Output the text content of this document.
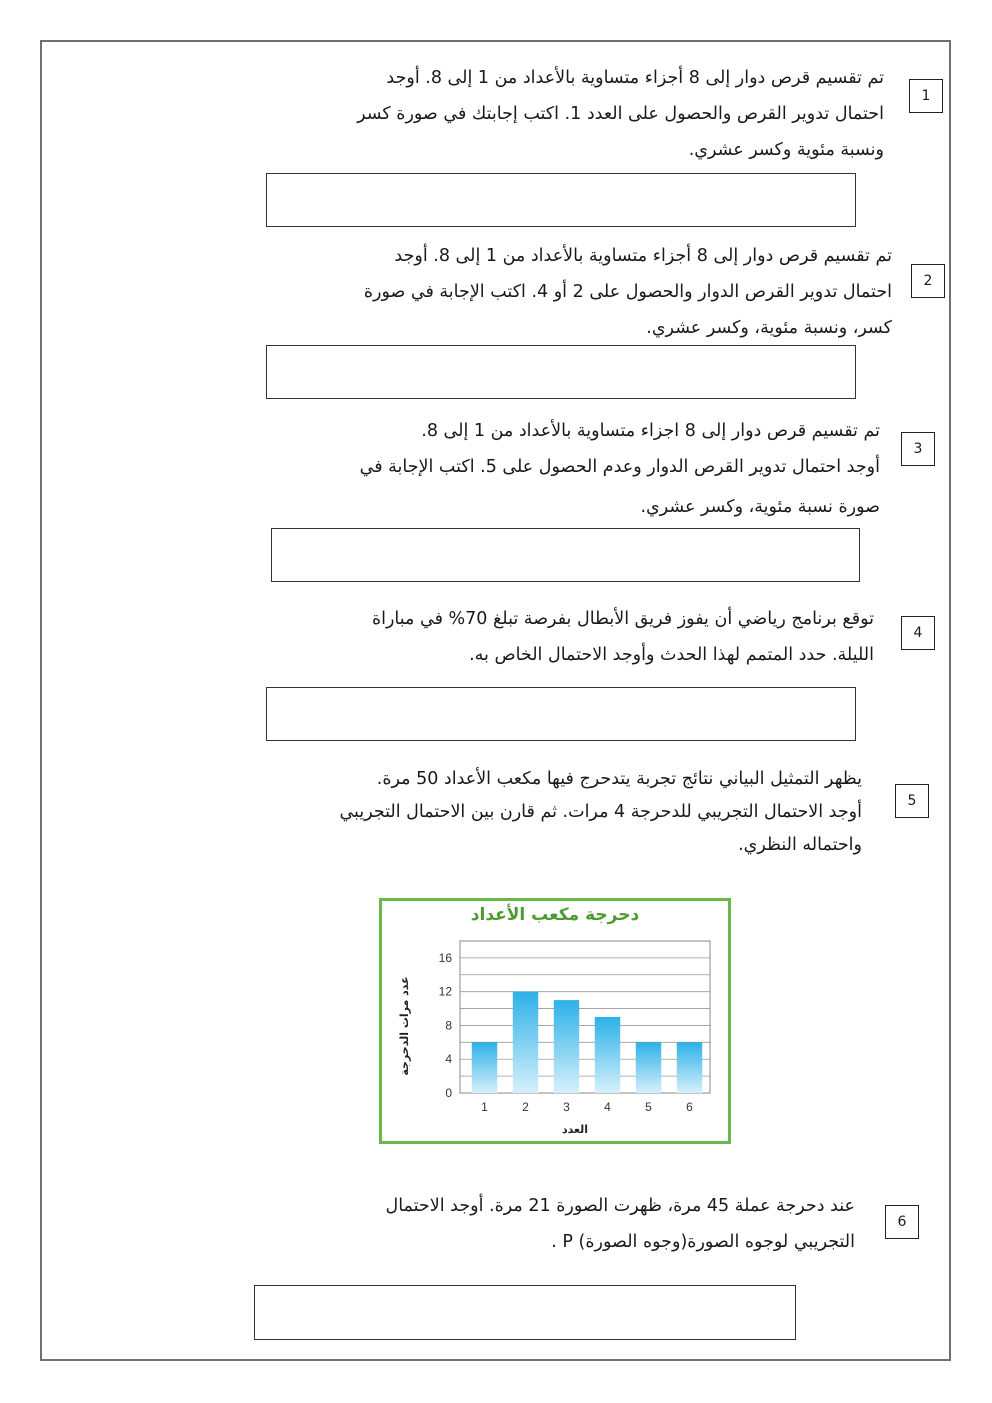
1

تم تقسيم قرص دوار إلى 8 أجزاء متساوية بالأعداد من 1 إلى 8. أوجد

احتمال تدوير القرص والحصول على العدد 1. اكتب إجابتك في صورة كسر

ونسبة مئوية وكسر عشري.

2

تم تقسيم قرص دوار إلى 8 أجزاء متساوية بالأعداد من 1 إلى 8. أوجد

احتمال تدوير القرص الدوار والحصول على 2 أو 4. اكتب الإجابة في صورة

كسر، ونسبة مئوية، وكسر عشري.

3

تم تقسيم قرص دوار إلى 8 اجزاء متساوية بالأعداد من 1 إلى 8.

أوجد احتمال تدوير القرص الدوار وعدم الحصول على 5. اكتب الإجابة في

صورة نسبة مئوية، وكسر عشري.

4

توقع برنامج رياضي أن يفوز فريق الأبطال بفرصة تبلغ 70% في مباراة

الليلة. حدد المتمم لهذا الحدث وأوجد الاحتمال الخاص به.

5

يظهر التمثيل البياني نتائج تجربة يتدحرج فيها مكعب الأعداد 50 مرة.

أوجد الاحتمال التجريبي للدحرجة 4 مرات. ثم قارن بين الاحتمال التجريبي

واحتماله النظري.

دحرجة مكعب الأعداد
0
4
8
12
16
1	2	3	4	5	6
العدد
عدد مرات الدحرجة
6

عند دحرجة عملة 45 مرة، ظهرت الصورة 21 مرة. أوجد الاحتمال

التجريبي لوجوه الصورة(وجوه الصورة) P .
